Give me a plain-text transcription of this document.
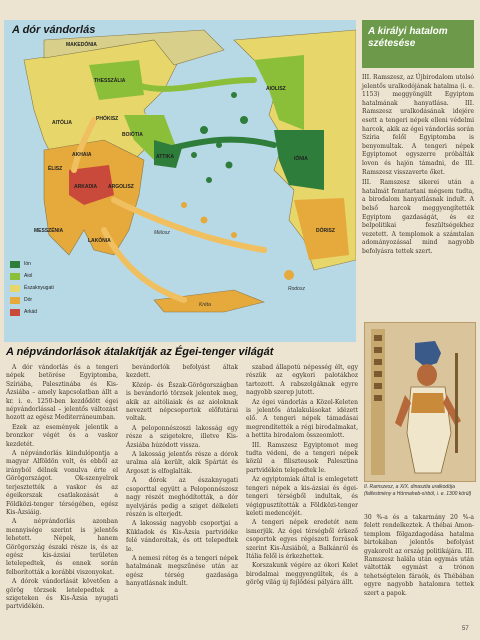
MAKEDÓNIA
THESSZÁLIA
AIOLISZ
AITÓLIA
PHÓKISZ
BOIÓTIA
ATTIKA
AKHAIA
IÓNIA
ÉLISZ
ARKADIA ARGOLISZ
MESSZÉNIA
LAKÓNIA
DÓRISZ
Kréta
Mélosz
Rodosz
A dór vándorlás
Ión
Aiol
Északnyugati
Dór
Arkád
A királyi hatalom
szétesése

III. Ramszesz, az Újbirodalom utolsó jelentős uralkodójának hatalma (i. e. 1153) meggyöngült Egyiptom hatalmának hanyatlása. III. Ramszesz uralkodásának idejére esett a tengeri népek elleni védelmi harcok, akik az égei vándorlás során Szíria felől Egyiptomba is benyomultak. A tengeri népek Egyiptomot egyszerre próbálták lovon és hajón támadni, de III. Ramszesz visszaverte őket.

III. Ramszesz sikerei után a hatalmát fenntartani mégsem tudta, a birodalom hanyatlásnak indult. A belső harcok meggyengítették Egyiptom gazdaságát, és ez belpolitikai feszültségekhez vezetett. A templomok a számtalan adományozással mind nagyobb befolyásra tettek szert.

II. Ramszesz, a XIX. dinasztia uralkodója (falfestmény a Hórmaheb-sírból, i. e. 1300 körül)
30 %-a és a takarmány 20 %-a felett rendelkeztek. A thébai Amon-templom fölgazdagodása hatalma birtokában jelentős befolyást gyakorolt az ország politikájára. III. Ramszesz halála után egymás után váltották egymást a trónon tehetségtelen fáraók, és Thébában egyre nagyobb hatalomra tettek szert a papok.
A népvándorlások átalakítják az Égei-tenger világát

A dór vándorlás és a tengeri népek betörése Egyiptomba, Szíriába, Palesztinába és Kis-Ázsiába – amely kapcsolatban állt a kr. i. e. 1250-ben kezdődött égei népvándorlással – jelentős változást hozott az egész Mediterráneumban.

Ezek az események jelentik a bronzkor végét és a vaskor kezdetét.

A népvándorlás kiindulópontja a magyar Alföldön volt, és ebből az irányból délnek vonulva érte el Görögországot. Ok-szenyelrek terjesztették a vaskor és az égeikorszak csatlakozását a Földközi-tenger térségében, egész Kis-Ázsiáig.

A népvándorlás azonban mennyisége szerint is jelentős lehetett. Népek, hanem Görögország északi része is, és az egész kis-ázsiai területen letelepedtek, és ennek során felborították a korábbi viszonyokat.

A dórok vándorlását követően a görög törzsek letelepedtek a szigeteken és Kis-Ázsia nyugati partvidékén.

bevándorlók befolyást áltak kezdett.

Közép- és Észak-Görögországban is bevándorló törzsek jelentek meg, akik az aitóliaiak és az aioloknak nevezett népcsoportok előfutárai voltak.

A peloponnészoszi lakosság egy része a szigetekre, illetve Kis-Ázsiába húzódott vissza.

A lakosság jelentős része a dórok uralma alá került, akik Spártát és Argoszt is elfoglalták.

A dórok az északnyugati csoporttal együtt a Peloponnészosz nagy részét meghódították, a dór nyelvjárás pedig a sziget délkeleti részén is elterjedt.

A lakosság nagyobb csoportjai a Kükladok és Kis-Ázsia partvidéke felé vándoroltak, és ott telepedtek le.

A nemesi réteg és a tengeri népek hatalmának megszűnése után az egész térség gazdasága hanyatlásnak indult.

szabad állapotú népesség élt, egy részük az egykori palotákhoz tartozott. A rabszolgáknak egyre nagyobb szerep jutott.

Az égei vándorlás a Közel-Keleten is jelentős átalakulásokat idézett elő. A tengeri népek támadásai megrendítették a régi birodalmakat, a hettita birodalom összeomlott.

III. Ramszesz Egyiptomot meg tudta védeni, de a tengeri népek közül a filiszteusok Palesztina partvidékén telepedtek le.

Az egyiptomiak által is emlegetett tengeri népek a kis-ázsiai és égei-tengeri térségből indultak, és végigpusztították a Földközi-tenger keleti medencéjét.

A tengeri népek eredetét nem ismerjük. Az égei térségből érkező csoportok egyes régészeti források szerint Kis-Ázsiából, a Balkánról és Itália felől is érkezhettek.

Korszakunk végére az ókori Kelet birodalmai meggyengültek, és a görög világ új fejlődési pályára állt.

57
